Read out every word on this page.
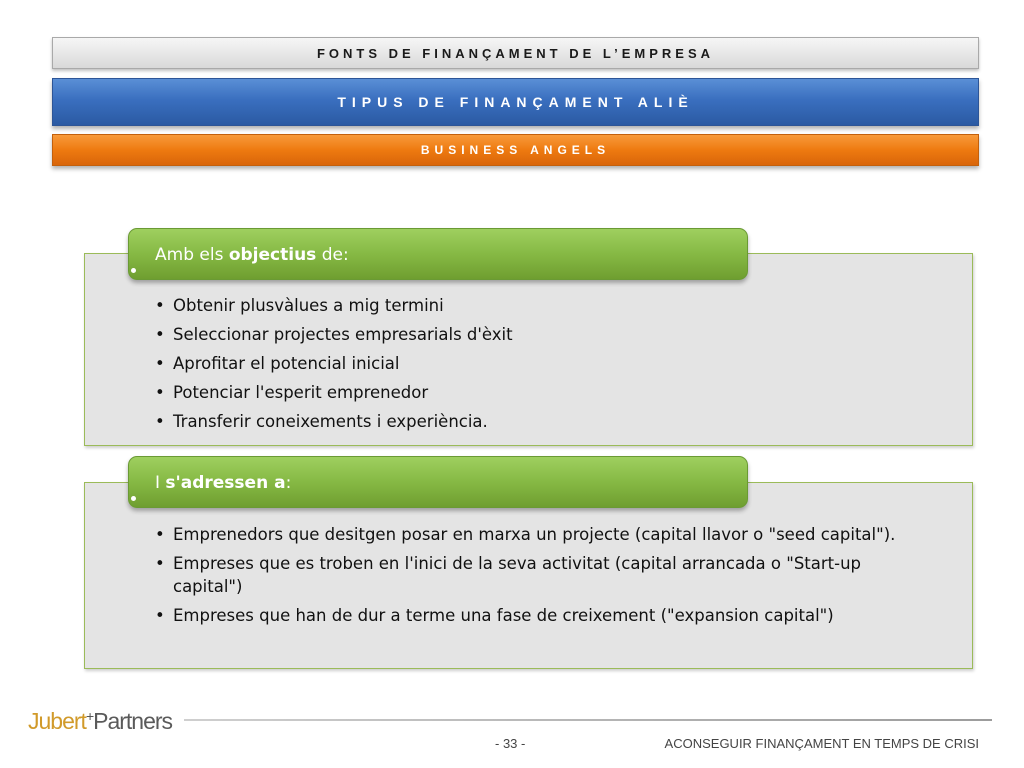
FONTS DE FINANÇAMENT DE L’EMPRESA
TIPUS DE FINANÇAMENT ALIÈ
BUSINESS ANGELS
• Obtenir plusvàlues a mig termini
• Seleccionar projectes empresarials d'èxit
• Aprofitar el potencial inicial
• Potenciar l'esperit emprenedor
• Transferir coneixements i experiència.
Amb els objectius de:
• Emprenedors que desitgen posar en marxa un projecte (capital llavor o "seed capital").
• Empreses que es troben en l'inici de la seva activitat (capital arrancada o "Start-up capital")
• Empreses que han de dur a terme una fase de creixement ("expansion capital")
I s'adressen a:
Jubert+Partners
- 33 -	ACONSEGUIR FINANÇAMENT EN TEMPS DE CRISI
